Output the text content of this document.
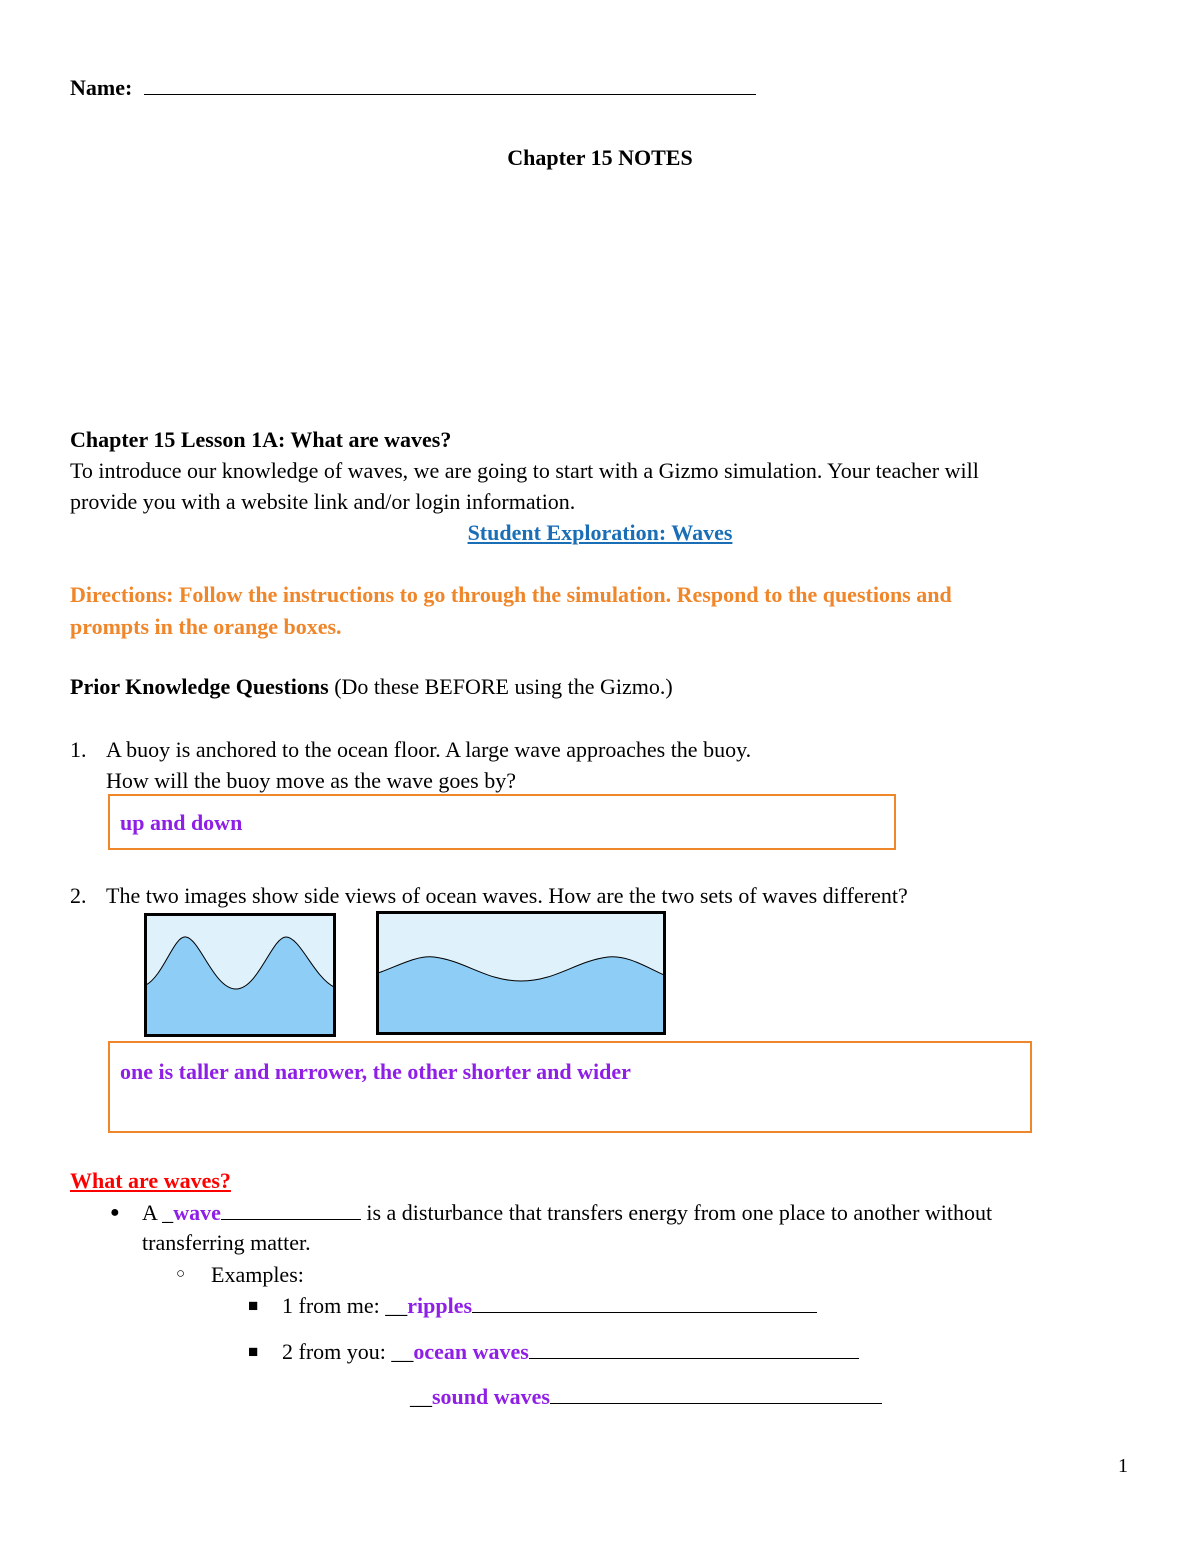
Name:
Chapter 15 NOTES
Chapter 15 Lesson 1A: What are waves?
To introduce our knowledge of waves, we are going to start with a Gizmo simulation. Your teacher will
provide you with a website link and/or login information.
Student Exploration: Waves
Directions: Follow the instructions to go through the simulation. Respond to the questions and
prompts in the orange boxes.
Prior Knowledge Questions (Do these BEFORE using the Gizmo.)
1. A buoy is anchored to the ocean floor. A large wave approaches the buoy.
How will the buoy move as the wave goes by?
up and down
2. The two images show side views of ocean waves. How are the two sets of waves different?
one is taller and narrower, the other shorter and wider
What are waves?
● A _wave	is a disturbance that transfers energy from one place to another without
transferring matter.
○ Examples:
■ 1 from me: __ripples
■ 2 from you: __ocean waves
__sound waves
1
